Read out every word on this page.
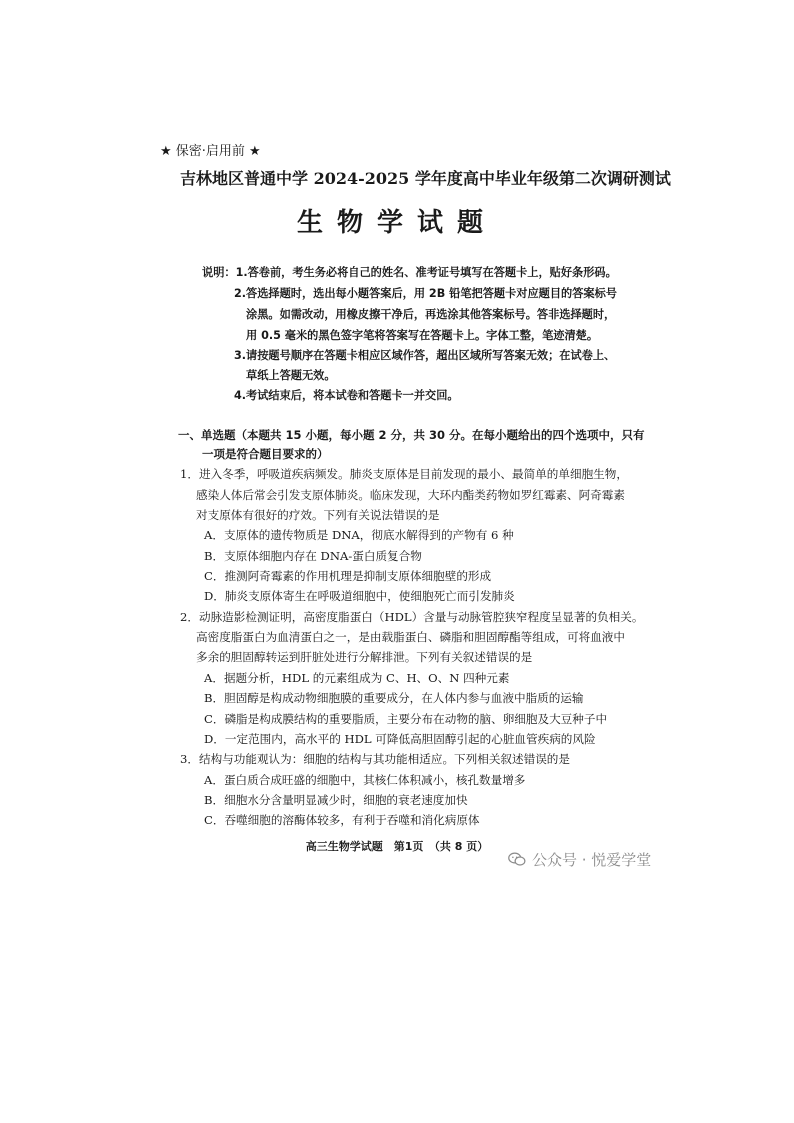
★ 保密·启用前 ★
吉林地区普通中学 2024-2025 学年度高中毕业年级第二次调研测试
生物学试题
说明：1.答卷前，考生务必将自己的姓名、准考证号填写在答题卡上，贴好条形码。
2.答选择题时，选出每小题答案后，用 2B 铅笔把答题卡对应题目的答案标号
涂黑。如需改动，用橡皮擦干净后，再选涂其他答案标号。答非选择题时，
用 0.5 毫米的黑色签字笔将答案写在答题卡上。字体工整，笔迹清楚。
3.请按题号顺序在答题卡相应区域作答，超出区域所写答案无效；在试卷上、
草纸上答题无效。
4.考试结束后，将本试卷和答题卡一并交回。
一、单选题（本题共 15 小题，每小题 2 分，共 30 分。在每小题给出的四个选项中，只有
一项是符合题目要求的）
1．进入冬季，呼吸道疾病频发。肺炎支原体是目前发现的最小、最简单的单细胞生物，
感染人体后常会引发支原体肺炎。临床发现，大环内酯类药物如罗红霉素、阿奇霉素
对支原体有很好的疗效。下列有关说法错误的是
A．支原体的遗传物质是 DNA，彻底水解得到的产物有 6 种
B．支原体细胞内存在 DNA-蛋白质复合物
C．推测阿奇霉素的作用机理是抑制支原体细胞壁的形成
D．肺炎支原体寄生在呼吸道细胞中，使细胞死亡而引发肺炎
2．动脉造影检测证明，高密度脂蛋白（HDL）含量与动脉管腔狭窄程度呈显著的负相关。
高密度脂蛋白为血清蛋白之一，是由载脂蛋白、磷脂和胆固醇酯等组成，可将血液中
多余的胆固醇转运到肝脏处进行分解排泄。下列有关叙述错误的是
A．据题分析，HDL 的元素组成为 C、H、O、N 四种元素
B．胆固醇是构成动物细胞膜的重要成分，在人体内参与血液中脂质的运输
C．磷脂是构成膜结构的重要脂质，主要分布在动物的脑、卵细胞及大豆种子中
D．一定范围内，高水平的 HDL 可降低高胆固醇引起的心脏血管疾病的风险
3．结构与功能观认为：细胞的结构与其功能相适应。下列相关叙述错误的是
A．蛋白质合成旺盛的细胞中，其核仁体积减小，核孔数量增多
B．细胞水分含量明显减少时，细胞的衰老速度加快
C．吞噬细胞的溶酶体较多，有利于吞噬和消化病原体
高三生物学试题　第1页　（共 8 页）
公众号 · 悦爱学堂
